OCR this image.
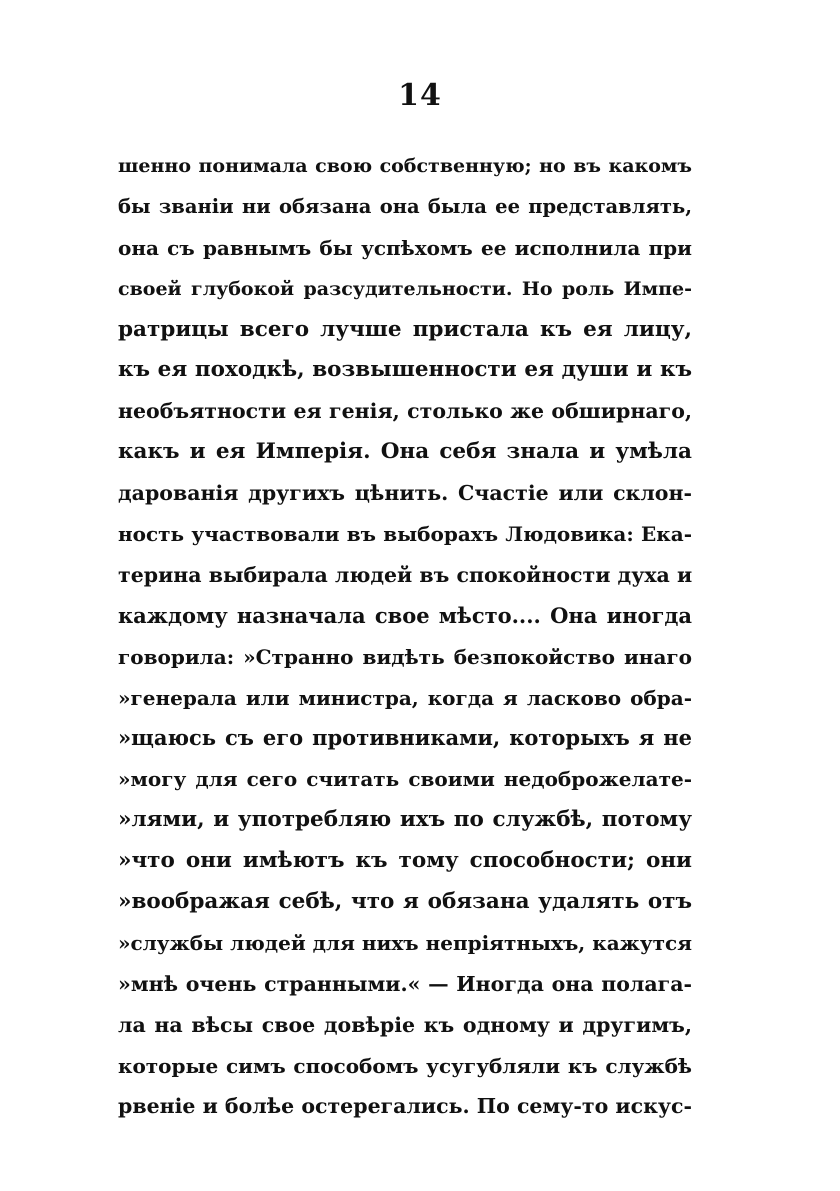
14
шенно понимала свою собственную; но въ какомъ
бы званіи ни обязана она была ее представлять,
она съ равнымъ бы успѣхомъ ее исполнила при
своей глубокой разсудительности. Но роль Импе-
ратрицы всего лучше пристала къ ея лицу,
къ ея походкѣ, возвышенности ея души и къ
необъятности ея генія, столько же обширнаго,
какъ и ея Имперія. Она себя знала и умѣла
дарованія другихъ цѣнить. Счастіе или склон-
ность участвовали въ выборахъ Людовика: Ека-
терина выбирала людей въ спокойности духа и
каждому назначала свое мѣсто.... Она иногда
говорила: »Странно видѣть безпокойство инаго
»генерала или министра, когда я ласково обра-
»щаюсь съ его противниками, которыхъ я не
»могу для сего считать своими недоброжелате-
»лями, и употребляю ихъ по службѣ, потому
»что они имѣютъ къ тому способности; они
»воображая себѣ, что я обязана удалять отъ
»службы людей для нихъ непріятныхъ, кажутся
»мнѣ очень странными.« — Иногда она полага-
ла на вѣсы свое довѣріе къ одному и другимъ,
которые симъ способомъ усугубляли къ службѣ
рвеніе и болѣе остерегались. По сему-то искус-
